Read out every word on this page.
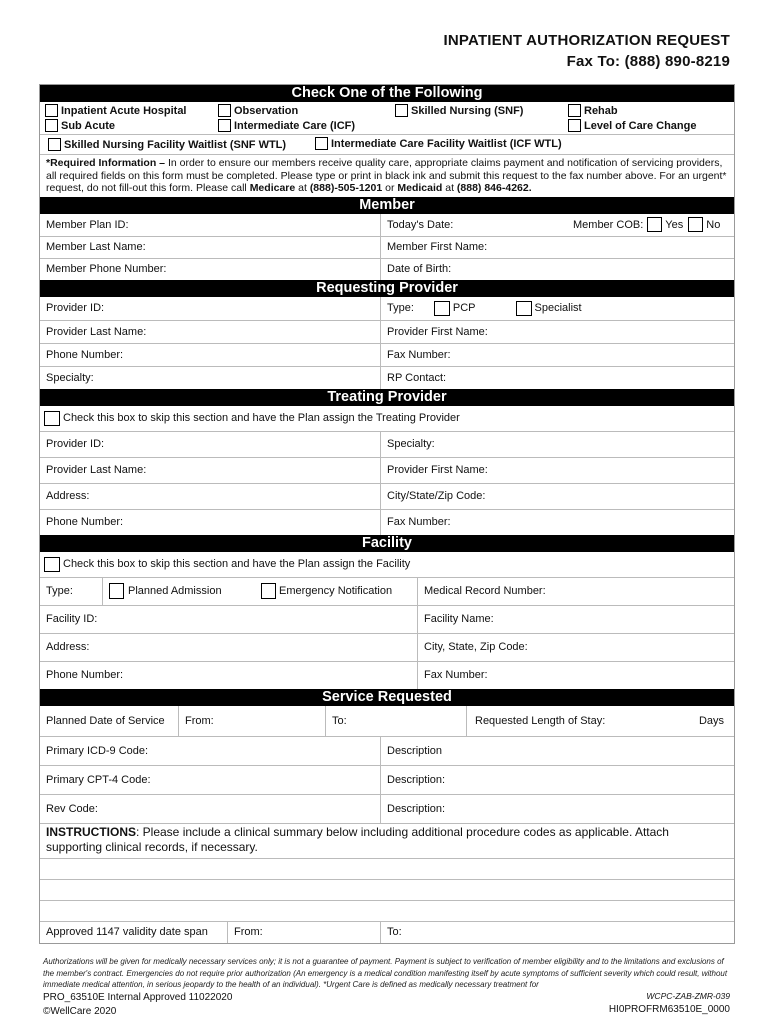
INPATIENT AUTHORIZATION REQUEST
Fax To: (888) 890-8219
Check One of the Following
Inpatient Acute Hospital	Observation	Skilled Nursing (SNF)	Rehab
Sub Acute	Intermediate Care (ICF)	Level of Care Change
Skilled Nursing Facility Waitlist (SNF WTL)	Intermediate Care Facility Waitlist (ICF WTL)
*Required Information – In order to ensure our members receive quality care, appropriate claims payment and notification of servicing providers, all required fields on this form must be completed. Please type or print in black ink and submit this request to the fax number above. For an urgent* request, do not fill-out this form. Please call Medicare at (888)-505-1201 or Medicaid at (888) 846-4262.
Member
Member Plan ID:	Today's Date:	Member COB: Yes No
Member Last Name:	Member First Name:
Member Phone Number:	Date of Birth:
Requesting Provider
Provider ID:	Type:	PCP	Specialist
Provider Last Name:	Provider First Name:
Phone Number:	Fax Number:
Specialty:	RP Contact:
Treating Provider
Check this box to skip this section and have the Plan assign the Treating Provider
Provider ID:	Specialty:
Provider Last Name:	Provider First Name:
Address:	City/State/Zip Code:
Phone Number:	Fax Number:
Facility
Check this box to skip this section and have the Plan assign the Facility
Type:	Planned Admission	Emergency Notification	Medical Record Number:
Facility ID:	Facility Name:
Address:	City, State, Zip Code:
Phone Number:	Fax Number:
Service Requested
Planned Date of Service From:	To:	Requested Length of Stay:	Days
Primary ICD-9 Code:	Description
Primary CPT-4 Code:	Description:
Rev Code:	Description:
INSTRUCTIONS: Please include a clinical summary below including additional procedure codes as applicable. Attach supporting clinical records, if necessary.
Approved 1147 validity date span From:	To:
Authorizations will be given for medically necessary services only; it is not a guarantee of payment. Payment is subject to verification of member eligibility and to the limitations and exclusions of the member's contract. Emergencies do not require prior authorization (An emergency is a medical condition manifesting itself by acute symptoms of sufficient severity which could result, without immediate medical attention, in serious jeopardy to the health of an individual). *Urgent Care is defined as medically necessary treatment for
PRO_63510E Internal Approved 11022020	WCPC-ZAB-ZMR-039
©WellCare 2020	HI0PROFRM63510E_0000
